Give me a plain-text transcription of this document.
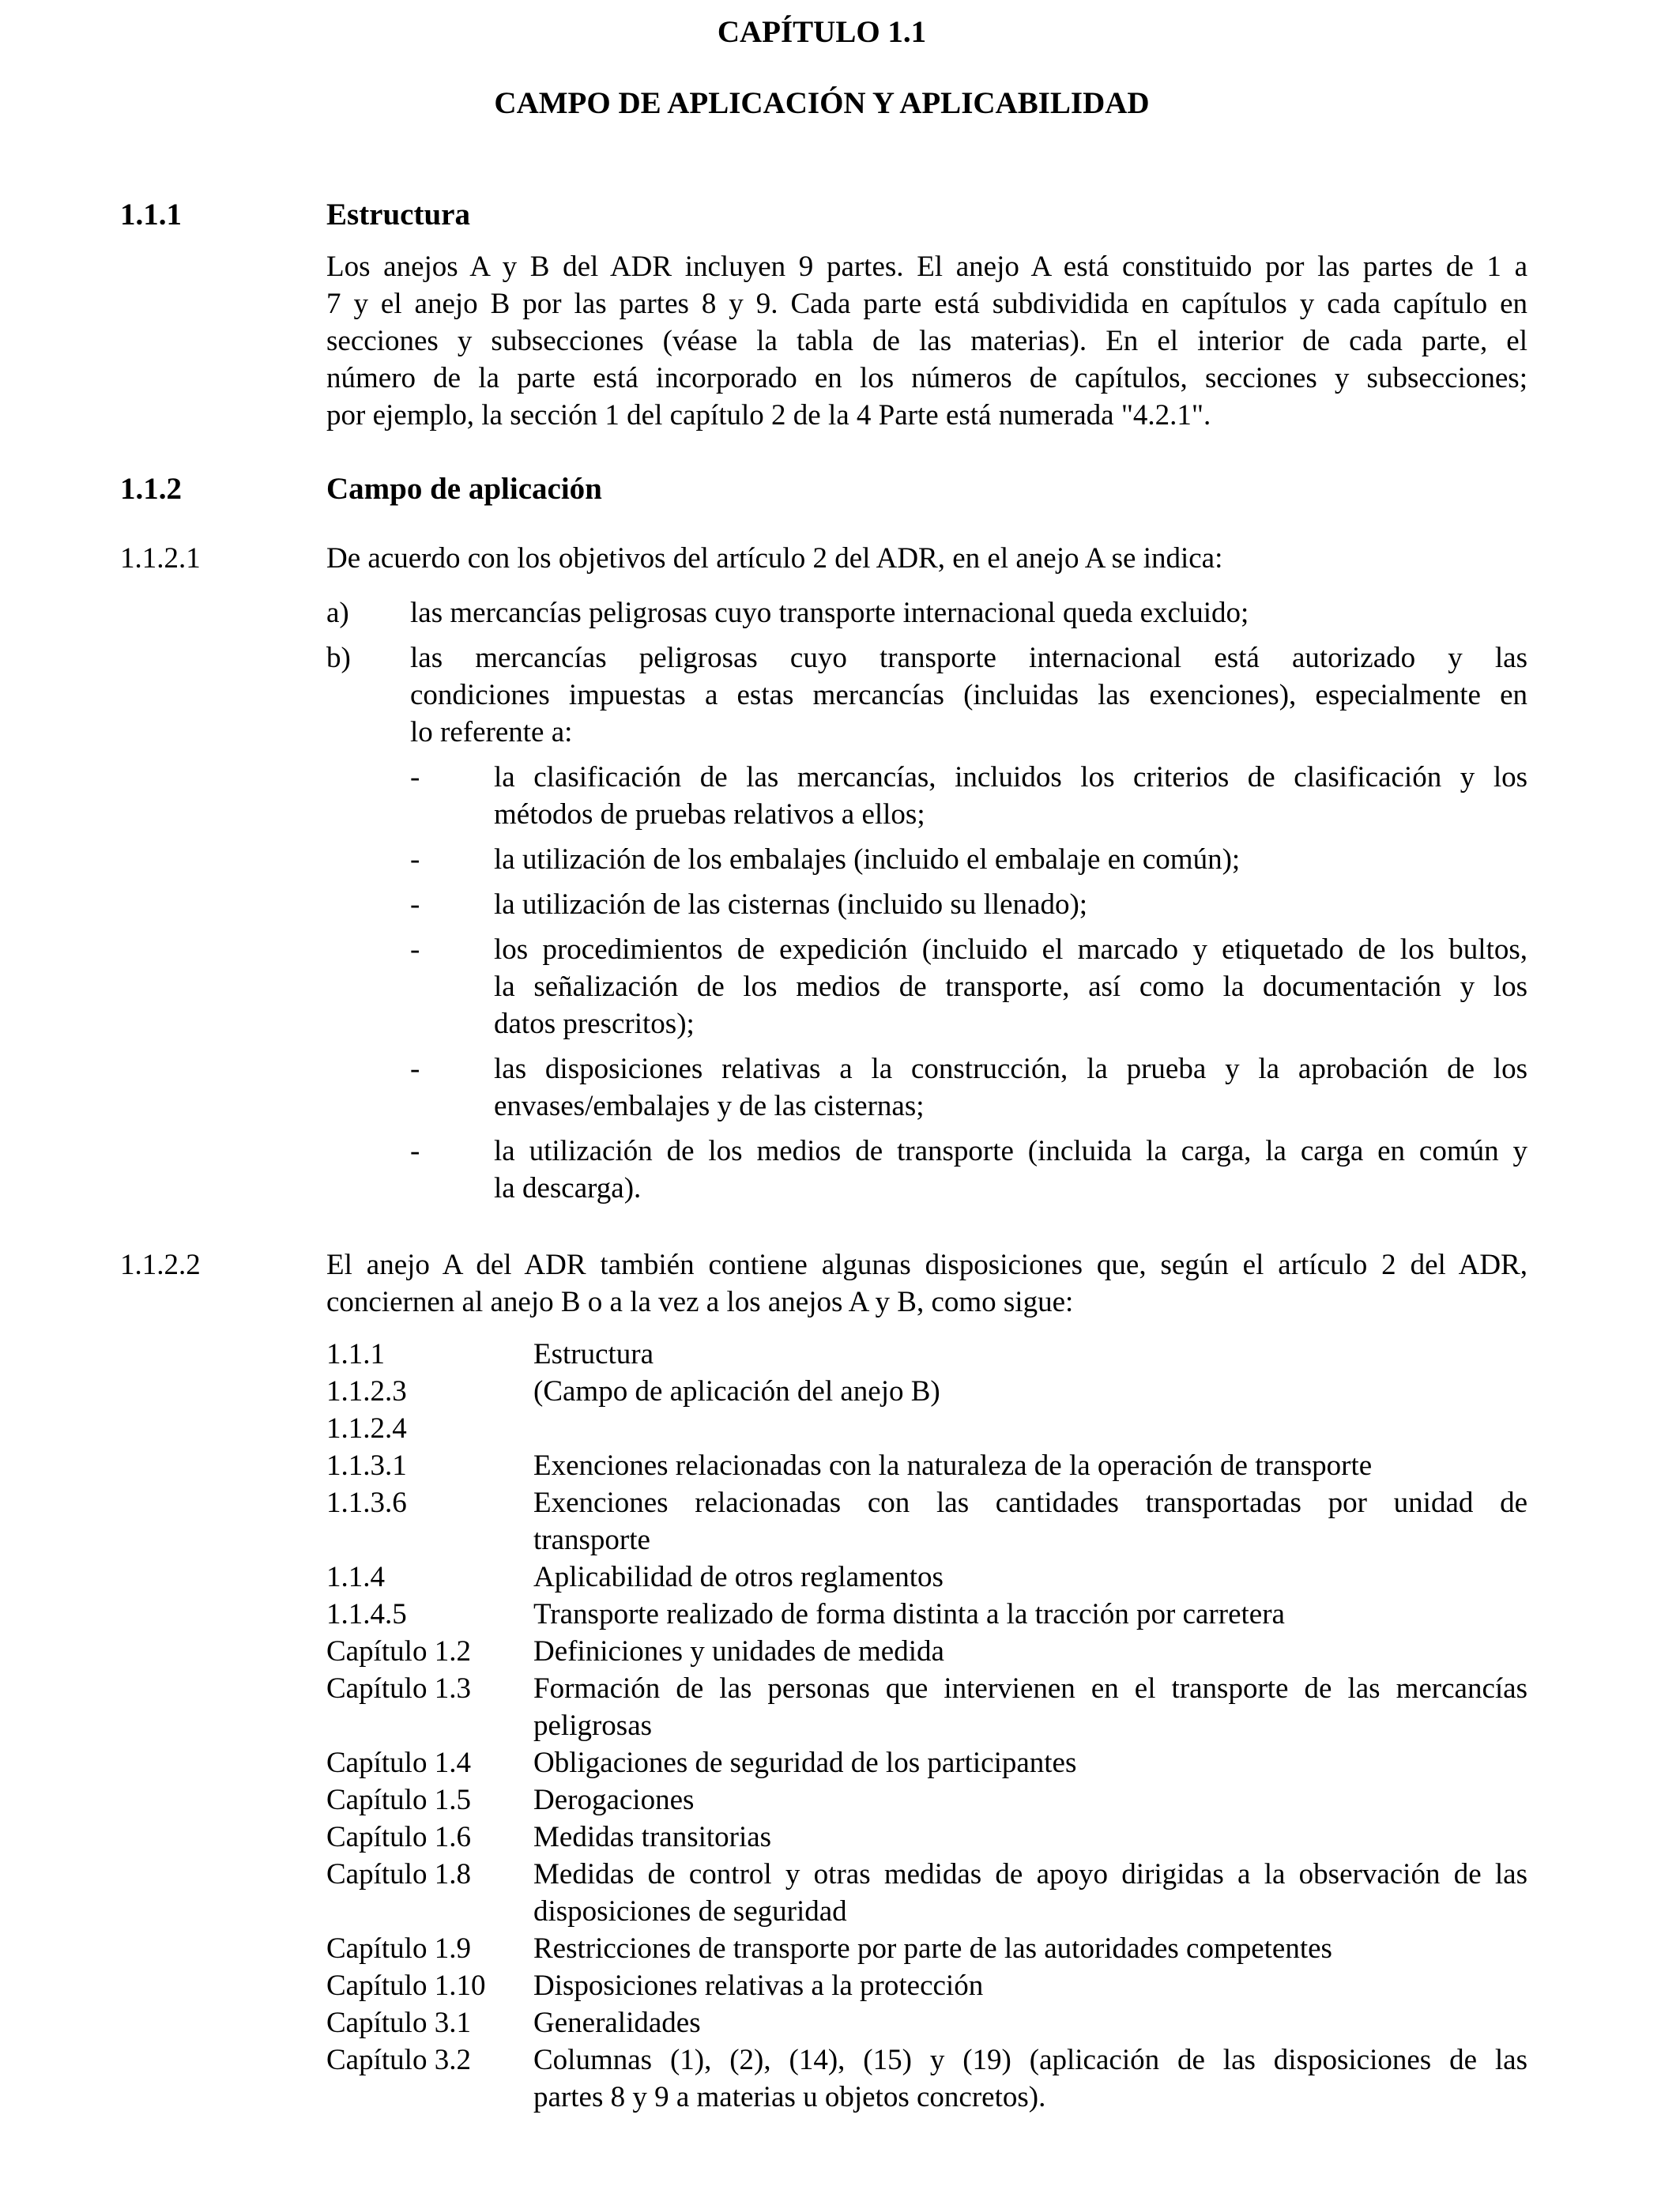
CAPÍTULO 1.1
CAMPO DE APLICACIÓN Y APLICABILIDAD
1.1.1	Estructura
Los anejos A y B del ADR incluyen 9 partes. El anejo A está constituido por las partes de 1 a
7 y el anejo B por las partes 8 y 9. Cada parte está subdividida en capítulos y cada capítulo en
secciones y subsecciones (véase la tabla de las materias). En el interior de cada parte, el
número de la parte está incorporado en los números de capítulos, secciones y subsecciones;
por ejemplo, la sección 1 del capítulo 2 de la 4 Parte está numerada "4.2.1".
1.1.2	Campo de aplicación
1.1.2.1	De acuerdo con los objetivos del artículo 2 del ADR, en el anejo A se indica:
a) las mercancías peligrosas cuyo transporte internacional queda excluido;
b) las mercancías peligrosas cuyo transporte internacional está autorizado y las
condiciones impuestas a estas mercancías (incluidas las exenciones), especialmente en
lo referente a:
-	la clasificación de las mercancías, incluidos los criterios de clasificación y los
métodos de pruebas relativos a ellos;
-	la utilización de los embalajes (incluido el embalaje en común);
-	la utilización de las cisternas (incluido su llenado);
-	los procedimientos de expedición (incluido el marcado y etiquetado de los bultos,
la señalización de los medios de transporte, así como la documentación y los
datos prescritos);
-	las disposiciones relativas a la construcción, la prueba y la aprobación de los
envases/embalajes y de las cisternas;
-	la utilización de los medios de transporte (incluida la carga, la carga en común y
la descarga).
1.1.2.2	El anejo A del ADR también contiene algunas disposiciones que, según el artículo 2 del ADR,
conciernen al anejo B o a la vez a los anejos A y B, como sigue:
1.1.1	Estructura
1.1.2.3	(Campo de aplicación del anejo B)
1.1.2.4
1.1.3.1	Exenciones relacionadas con la naturaleza de la operación de transporte
1.1.3.6	Exenciones relacionadas con las cantidades transportadas por unidad de
transporte
1.1.4	Aplicabilidad de otros reglamentos
1.1.4.5	Transporte realizado de forma distinta a la tracción por carretera
Capítulo 1.2 Definiciones y unidades de medida
Capítulo 1.3 Formación de las personas que intervienen en el transporte de las mercancías
peligrosas
Capítulo 1.4 Obligaciones de seguridad de los participantes
Capítulo 1.5 Derogaciones
Capítulo 1.6 Medidas transitorias
Capítulo 1.8 Medidas de control y otras medidas de apoyo dirigidas a la observación de las
disposiciones de seguridad
Capítulo 1.9 Restricciones de transporte por parte de las autoridades competentes
Capítulo 1.10 Disposiciones relativas a la protección
Capítulo 3.1 Generalidades
Capítulo 3.2 Columnas (1), (2), (14), (15) y (19) (aplicación de las disposiciones de las
partes 8 y 9 a materias u objetos concretos).
